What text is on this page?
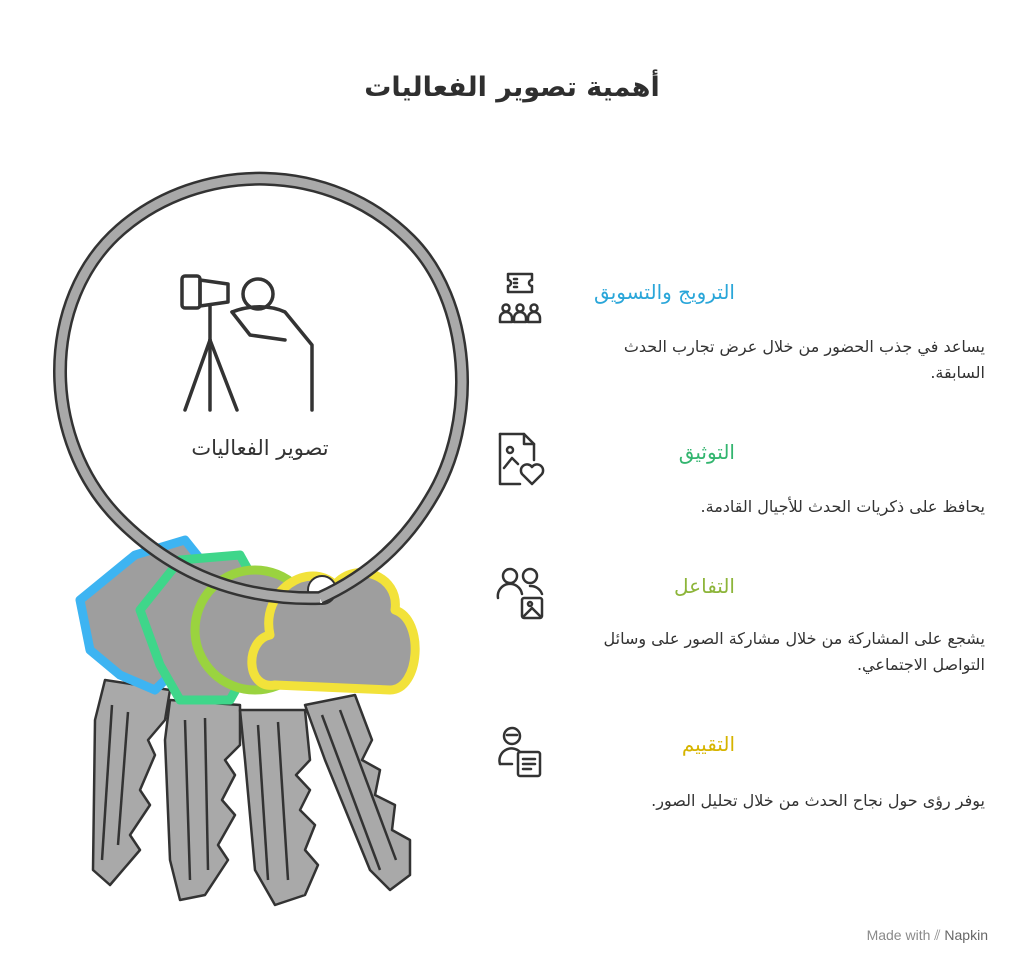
أهمية تصوير الفعاليات
تصوير الفعاليات
الترويج والتسويق
يساعد في جذب الحضور من خلال عرض تجارب الحدث السابقة.
التوثيق
يحافظ على ذكريات الحدث للأجيال القادمة.
التفاعل
يشجع على المشاركة من خلال مشاركة الصور على وسائل التواصل الاجتماعي.
التقييم
يوفر رؤى حول نجاح الحدث من خلال تحليل الصور.
Made with ⫽ Napkin
